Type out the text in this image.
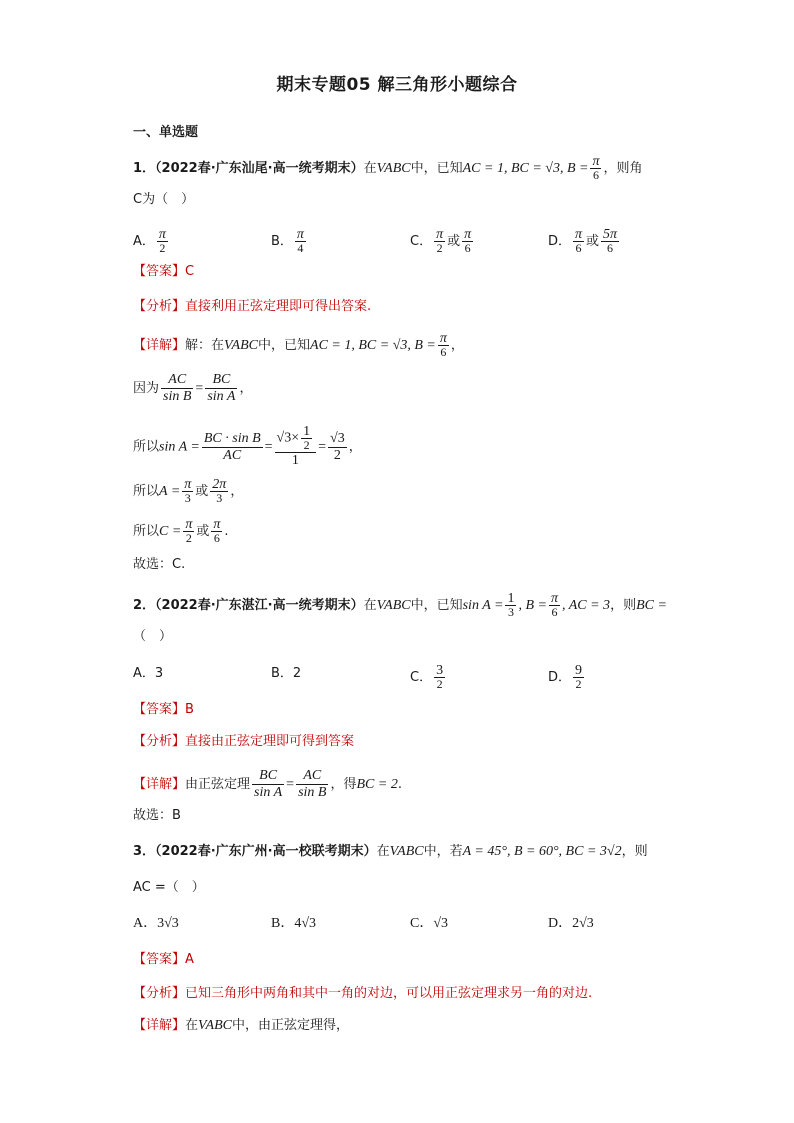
期末专题05 解三角形小题综合
一、单选题
1．（2022春·广东汕尾·高一统考期末）在VABC中，已知AC = 1, BC = √3, $B = \frac{\pi}{6}$ ，则角
C为（　）
A． $\frac{\pi}{2}$	B． $\frac{\pi}{4}$	C． $\frac{\pi}{2}$ 或 $\frac{\pi}{6}$	D． $\frac{\pi}{6}$ 或 $\frac{5\pi}{6}$
【答案】C
【分析】直接利用正弦定理即可得出答案.
【详解】解：在VABC中，已知AC = 1, BC = √3, $B = \frac{\pi}{6}$ ，
因为 $\frac{AC}{\text{sin B}} = \frac{BC}{\text{sin A}}$ ，
所以$\sin A = \frac{\text{BC · sin B}}{AC} = \frac{√3\times \frac{1}{2}}{1} = \frac{√3}{2}$ ，
所以$A = \frac{\pi}{3}$ 或 $\frac{2\pi}{3}$ ，
所以$C = \frac{\pi}{2}$ 或 $\frac{\pi}{6}$ .
故选：C.
2．（2022春·广东湛江·高一统考期末）在VABC中，已知$\sin A = \frac{1}{3}$ , $B = \frac{\pi}{6}$ , AC = 3，则BC =
（　）
A．3	B．2	C． $\frac{3}{2}$	D． $\frac{9}{2}$
【答案】B
【分析】直接由正弦定理即可得到答案
【详解】由正弦定理 $\frac{BC}{\text{sin A}} = \frac{AC}{\text{sin B}}$ ，得BC = 2.
故选：B
3．（2022春·广东广州·高一校联考期末）在VABC中，若A = 45°, B = 60°, BC = 3√2，则
AC =（　）
A．3√3	B．4√3	C．√3	D．2√3
【答案】A
【分析】已知三角形中两角和其中一角的对边，可以用正弦定理求另一角的对边.
【详解】在VABC中，由正弦定理得，
